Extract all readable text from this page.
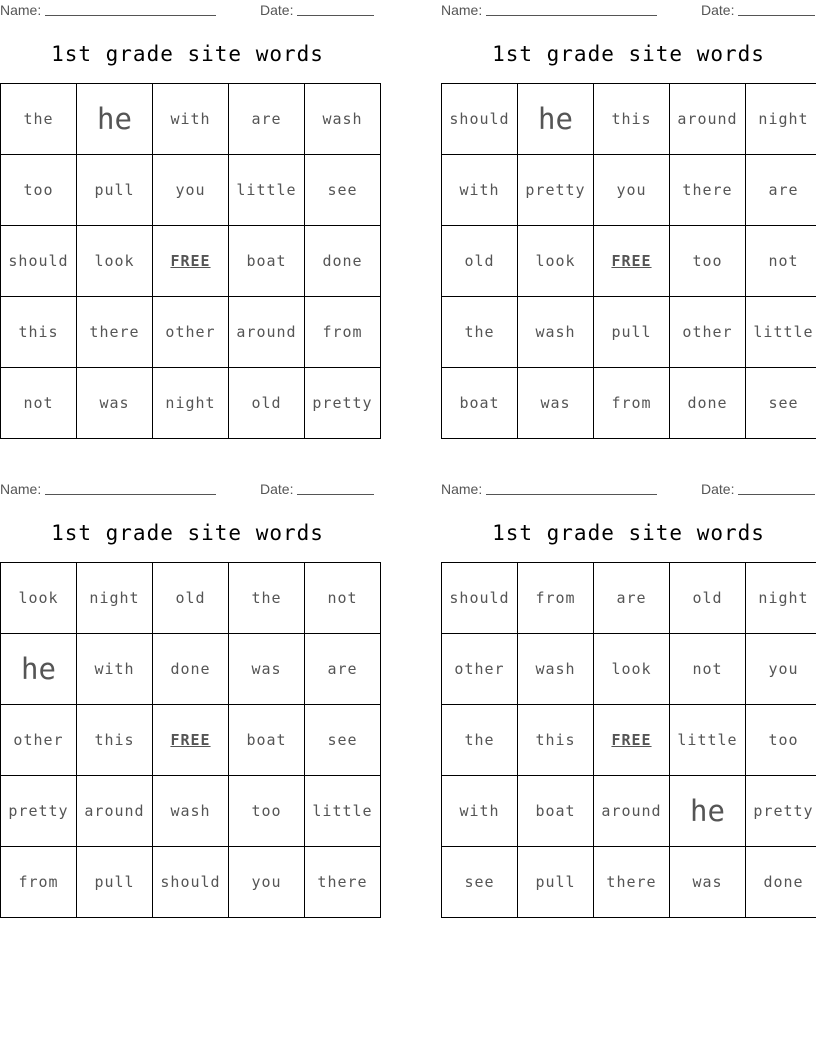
Name:	Date:
1st grade site words
the	he	with	are	wash
too	pull	you	little	see
should	look	FREE	boat	done
this	there	other	around	from
not	was	night	old	pretty
Name:	Date:
1st grade site words
should	he	this	around	night
with	pretty	you	there	are
old	look	FREE	too	not
the	wash	pull	other	little
boat	was	from	done	see
Name:	Date:
1st grade site words
look	night	old	the	not
he	with	done	was	are
other	this	FREE	boat	see
pretty	around	wash	too	little
from	pull	should	you	there
Name:	Date:
1st grade site words
should	from	are	old	night
other	wash	look	not	you
the	this	FREE	little	too
with	boat	around	he	pretty
see	pull	there	was	done
